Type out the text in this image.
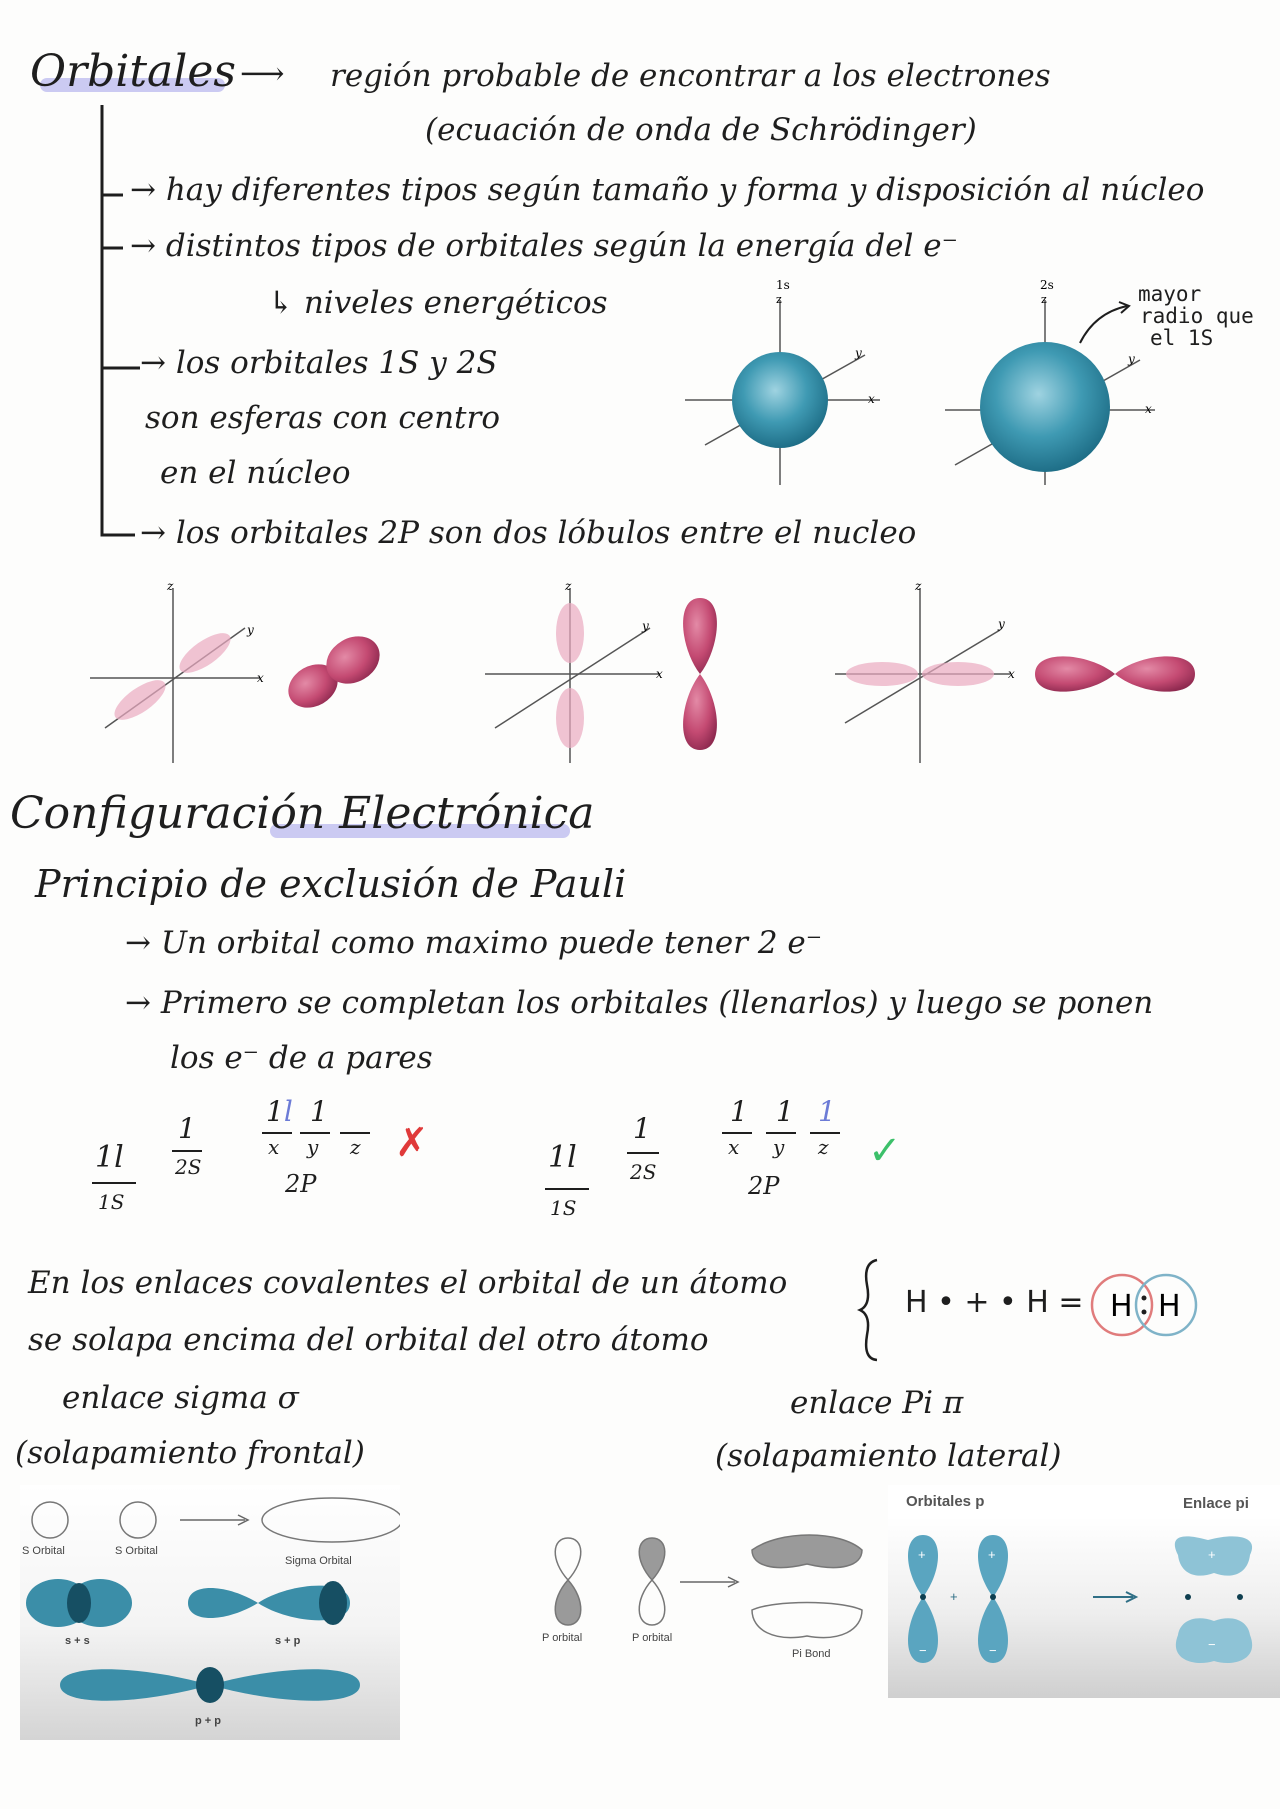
Orbitales ⟶ región probable de encontrar a los electrones
(ecuación de onda de Schrödinger)
→ hay diferentes tipos según tamaño y forma y disposición al núcleo
→ distintos tipos de orbitales según la energía del e⁻
↳ niveles energéticos
→ los orbitales 1S y 2S
son esferas con centro
en el núcleo
→ los orbitales 2P son dos lóbulos entre el nucleo
1s
z
x
y
2s
z
x
y
mayor
radio que
el 1S
z
x
y
z
x
y
z
x
y
Configuración Electrónica
Principio de exclusión de Pauli
→ Un orbital como maximo puede tener 2 e⁻
→ Primero se completan los orbitales (llenarlos) y luego se ponen
los e⁻ de a pares
1l
1S
1
2S
1l 1
x y z
2P
✗	1l
1S
1
2S
1 1 1
x y z
2P
✓
En los enlaces covalentes el orbital de un átomo
se solapa encima del orbital del otro átomo
H • + • H = H H
enlace sigma σ
(solapamiento frontal)
enlace Pi π
(solapamiento lateral)
S Orbital	S Orbital
Sigma Orbital
s + s	s + p
p + p
P orbital	P orbital
Pi Bond
Orbitales p	Enlace pi
+	+
+
+
−	−	−
